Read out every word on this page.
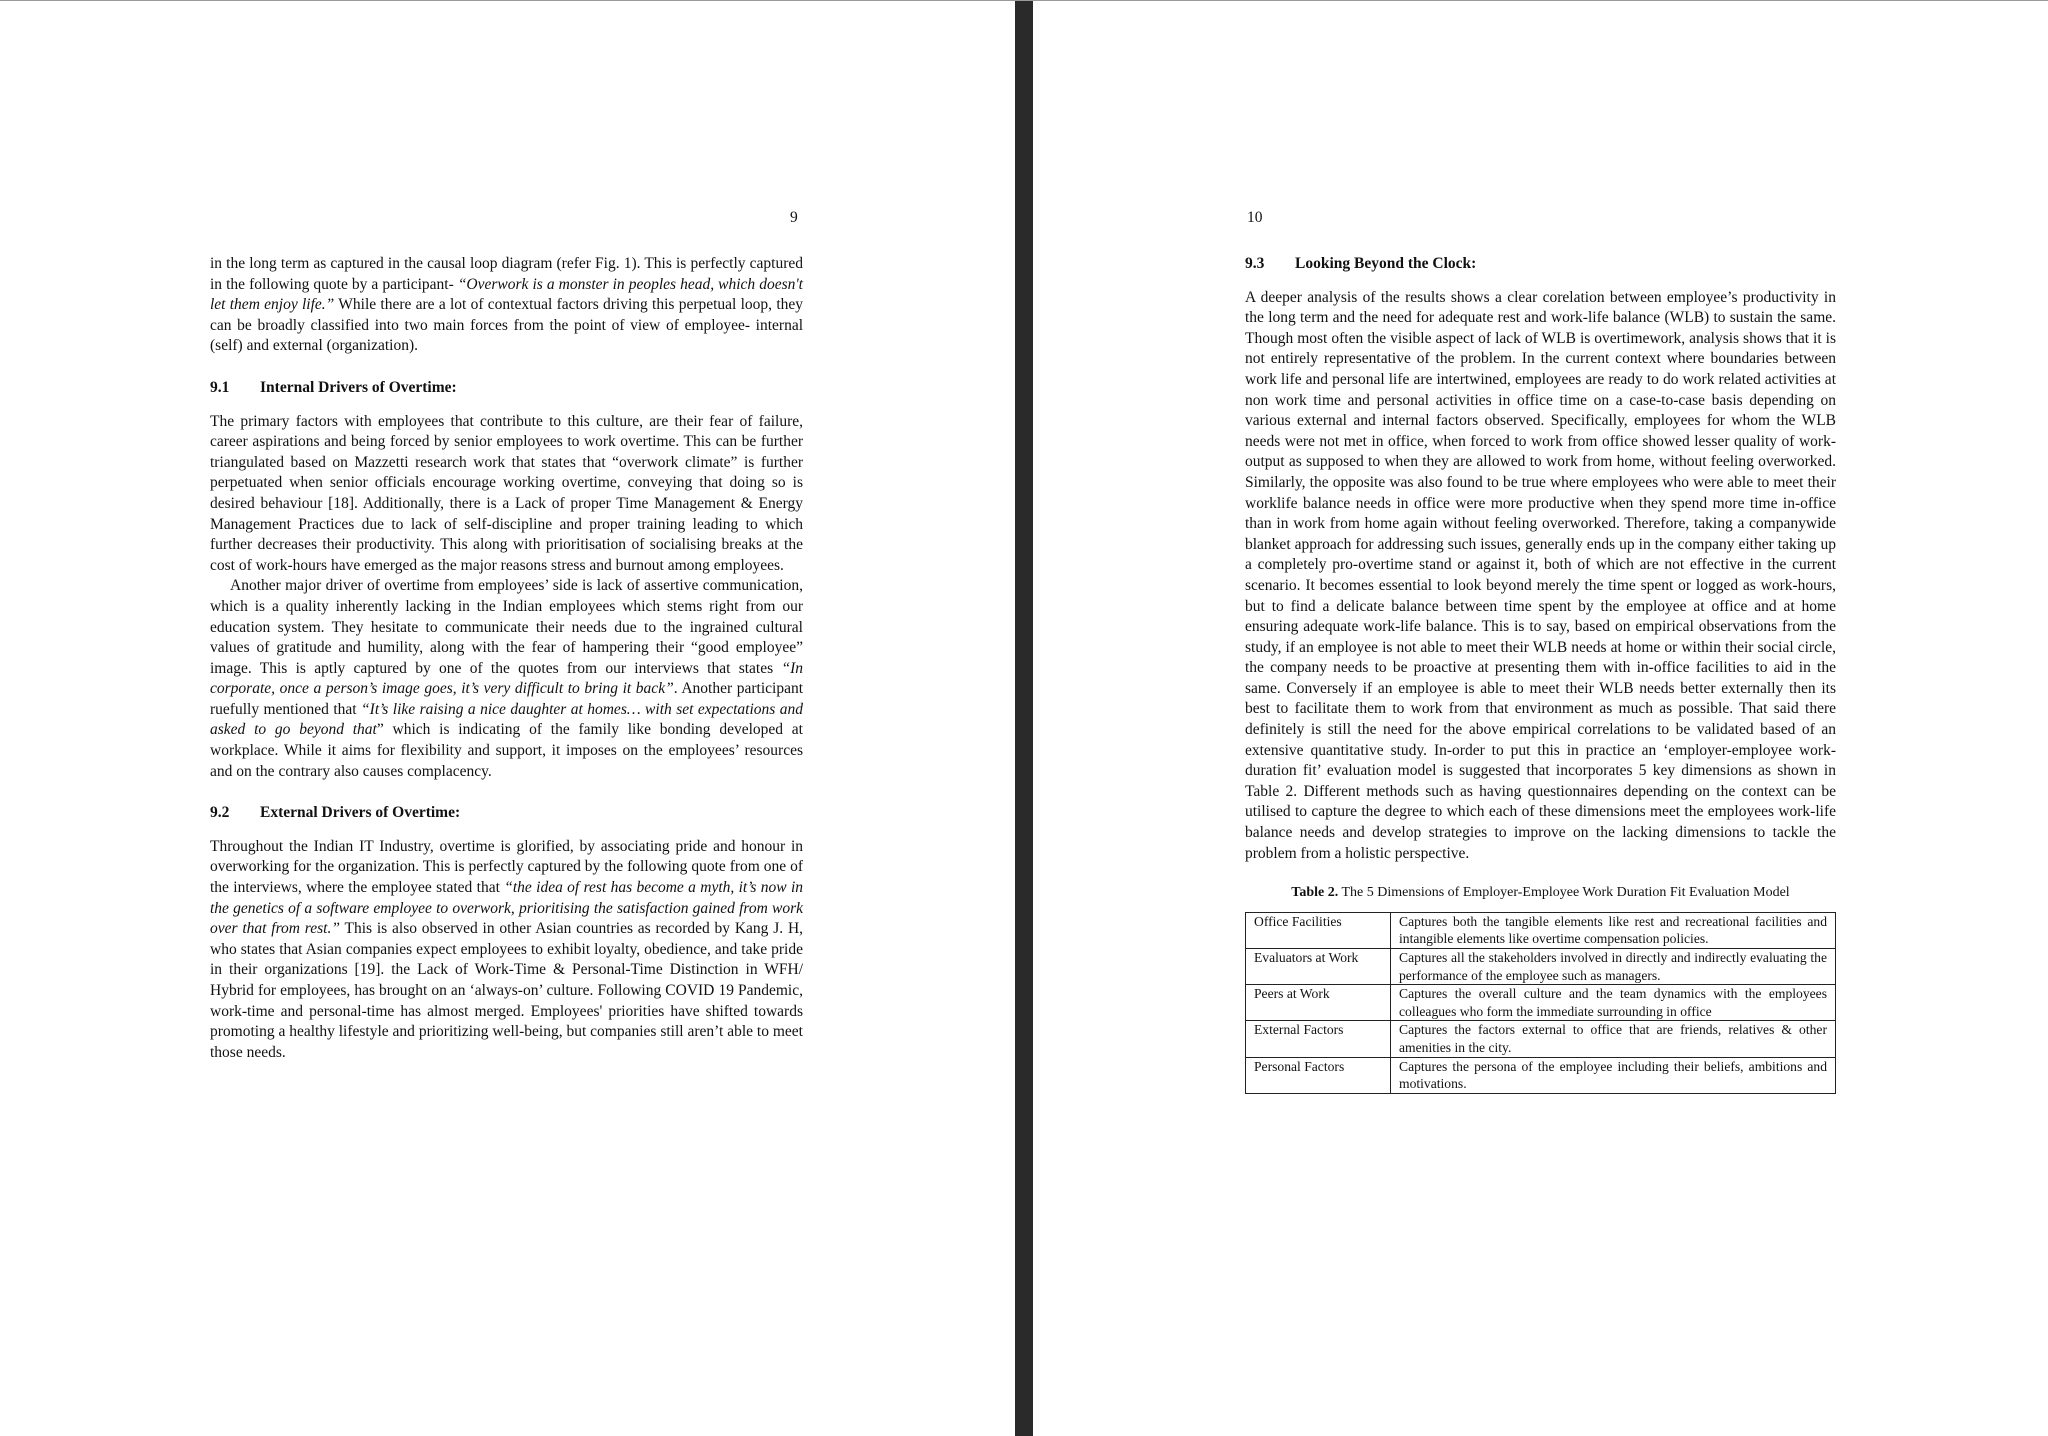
9

in the long term as captured in the causal loop diagram (refer Fig. 1). This is perfectly captured in the following quote by a participant- “Overwork is a monster in peoples head, which doesn't let them enjoy life.” While there are a lot of contextual factors driving this perpetual loop, they can be broadly classified into two main forces from the point of view of employee- internal (self) and external (organization).

9.1	Internal Drivers of Overtime:

The primary factors with employees that contribute to this culture, are their fear of failure, career aspirations and being forced by senior employees to work overtime. This can be further triangulated based on Mazzetti research work that states that “overwork climate” is further perpetuated when senior officials encourage working overtime, conveying that doing so is desired behaviour [18]. Additionally, there is a Lack of proper Time Management & Energy Management Practices due to lack of self-discipline and proper training leading to which further decreases their productivity. This along with prioritisation of socialising breaks at the cost of work-hours have emerged as the major reasons stress and burnout among employees.

Another major driver of overtime from employees’ side is lack of assertive communication, which is a quality inherently lacking in the Indian employees which stems right from our education system. They hesitate to communicate their needs due to the ingrained cultural values of gratitude and humility, along with the fear of hampering their “good employee” image. This is aptly captured by one of the quotes from our interviews that states “In corporate, once a person’s image goes, it’s very difficult to bring it back”. Another participant ruefully mentioned that “It’s like raising a nice daughter at homes… with set expectations and asked to go beyond that” which is indicating of the family like bonding developed at workplace. While it aims for flexibility and support, it imposes on the employees’ resources and on the contrary also causes complacency.

9.2	External Drivers of Overtime:

Throughout the Indian IT Industry, overtime is glorified, by associating pride and honour in overworking for the organization. This is perfectly captured by the following quote from one of the interviews, where the employee stated that “the idea of rest has become a myth, it’s now in the genetics of a software employee to overwork, prioritising the satisfaction gained from work over that from rest.” This is also observed in other Asian countries as recorded by Kang J. H, who states that Asian companies expect employees to exhibit loyalty, obedience, and take pride in their organizations [19]. the Lack of Work-Time & Personal-Time Distinction in WFH/ Hybrid for employees, has brought on an ‘always-on’ culture. Following COVID 19 Pandemic, work-time and personal-time has almost merged. Employees' priorities have shifted towards promoting a healthy lifestyle and prioritizing well-being, but companies still aren’t able to meet those needs.

10
9.3	Looking Beyond the Clock:

A deeper analysis of the results shows a clear corelation between employee’s productivity in the long term and the need for adequate rest and work-life balance (WLB) to sustain the same. Though most often the visible aspect of lack of WLB is overtimework, analysis shows that it is not entirely representative of the problem. In the current context where boundaries between work life and personal life are intertwined, employees are ready to do work related activities at non work time and personal activities in office time on a case-to-case basis depending on various external and internal factors observed. Specifically, employees for whom the WLB needs were not met in office, when forced to work from office showed lesser quality of work-output as supposed to when they are allowed to work from home, without feeling overworked. Similarly, the opposite was also found to be true where employees who were able to meet their worklife balance needs in office were more productive when they spend more time in-office than in work from home again without feeling overworked. Therefore, taking a companywide blanket approach for addressing such issues, generally ends up in the company either taking up a completely pro-overtime stand or against it, both of which are not effective in the current scenario. It becomes essential to look beyond merely the time spent or logged as work-hours, but to find a delicate balance between time spent by the employee at office and at home ensuring adequate work-life balance. This is to say, based on empirical observations from the study, if an employee is not able to meet their WLB needs at home or within their social circle, the company needs to be proactive at presenting them with in-office facilities to aid in the same. Conversely if an employee is able to meet their WLB needs better externally then its best to facilitate them to work from that environment as much as possible. That said there definitely is still the need for the above empirical correlations to be validated based of an extensive quantitative study. In-order to put this in practice an ‘employer-employee work-duration fit’ evaluation model is suggested that incorporates 5 key dimensions as shown in Table 2. Different methods such as having questionnaires depending on the context can be utilised to capture the degree to which each of these dimensions meet the employees work-life balance needs and develop strategies to improve on the lacking dimensions to tackle the problem from a holistic perspective.

Table 2. The 5 Dimensions of Employer-Employee Work Duration Fit Evaluation Model
Office Facilities	Captures both the tangible elements like rest and recreational facilities and intangible elements like overtime compensation policies.
Evaluators at Work	Captures all the stakeholders involved in directly and indirectly evaluating the performance of the employee such as managers.
Peers at Work	Captures the overall culture and the team dynamics with the employees colleagues who form the immediate surrounding in office
External Factors	Captures the factors external to office that are friends, relatives & other amenities in the city.
Personal Factors	Captures the persona of the employee including their beliefs, ambitions and motivations.
